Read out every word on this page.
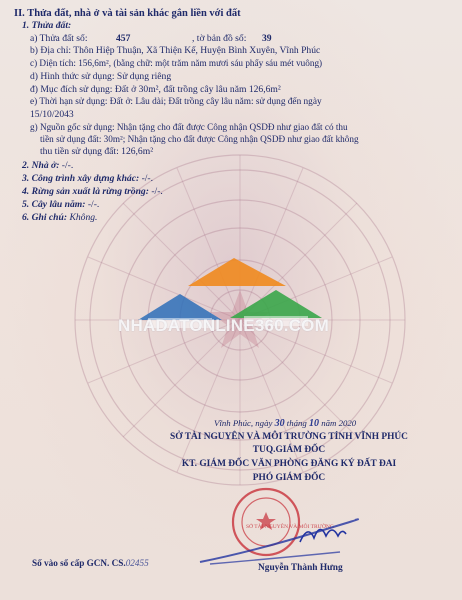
II. Thửa đất, nhà ở và tài sản khác gắn liền với đất
1. Thửa đất:
a) Thửa đất số:	457	, tờ bản đồ số: 39
b) Địa chỉ: Thôn Hiệp Thuận, Xã Thiện Kế, Huyện Bình Xuyên, Vĩnh Phúc
c) Diện tích: 156,6m², (bằng chữ: một trăm năm mươi sáu phẩy sáu mét vuông)
d) Hình thức sử dụng: Sử dụng riêng
đ) Mục đích sử dụng: Đất ở 30m², đất trồng cây lâu năm 126,6m²
e) Thời hạn sử dụng: Đất ở: Lâu dài; Đất trồng cây lâu năm: sử dụng đến ngày
15/10/2043
g) Nguồn gốc sử dụng: Nhận tặng cho đất được Công nhận QSDĐ như giao đất có thu
tiền sử dụng đất: 30m²; Nhận tặng cho đất được Công nhận QSDĐ như giao đất không
thu tiền sử dụng đất: 126,6m²
2. Nhà ở: -/-.
3. Công trình xây dựng khác: -/-.
4. Rừng sản xuất là rừng trồng: -/-.
5. Cây lâu năm: -/-.
6. Ghi chú: Không.
NHADATONLINE360.COM
Vĩnh Phúc, ngày 30 tháng 10 năm 2020
SỞ TÀI NGUYÊN VÀ MÔI TRƯỜNG TỈNH VĨNH PHÚC
TUQ.GIÁM ĐỐC
KT. GIÁM ĐỐC VĂN PHÒNG ĐĂNG KÝ ĐẤT ĐAI
PHÓ GIÁM ĐỐC
SỞ TÀI NGUYÊN VÀ MÔI TRƯỜNG
Nguyễn Thành Hưng
Số vào sổ cấp GCN. CS.02455
